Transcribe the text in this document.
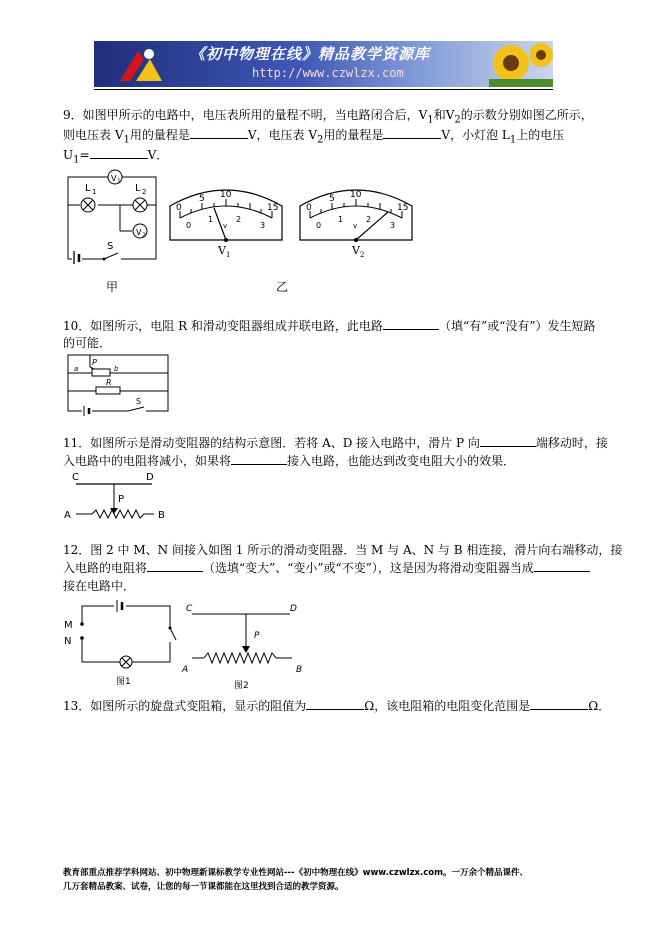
《初中物理在线》精品教学资源库
http://www.czwlzx.com
9．如图甲所示的电路中，电压表所用的量程不明，当电路闭合后，$V_1$和$V_2$的示数分别如图乙所示，
则电压表 $V_1$用的量程是	V，电压表 $V_2$用的量程是	V，小灯泡 $L_1$上的电压
$U_1=$	V．
L 1	L 2
V 1
V 2
S
甲
0
5 10
15
0
1	2
3
v
0
5 10
15
0
1	2
3
v
$V_1$	$V_2$
乙
10．如图所示，电阻 R 和滑动变阻器组成并联电路，此电路	（填“有”或“没有”）发生短路
的可能．
P
a	b
R
S
11．如图所示是滑动变阻器的结构示意图．若将 A、D 接入电路中，滑片 P 向	端移动时，接
入电路中的电阻将减小，如果将	接入电路，也能达到改变电阻大小的效果．
C	D
P
A	B
12．图 2 中 M、N 间接入如图 1 所示的滑动变阻器．当 M 与 A、N 与 B 相连接，滑片向右端移动，接
入电路的电阻将	（选填“变大”、“变小”或“不变”），这是因为将滑动变阻器当成
接在电路中．
M
N
C	D
P
A	B
图1	图2
13．如图所示的旋盘式变阻箱，显示的阻值为	Ω，该电阻箱的电阻变化范围是	Ω．
教育部重点推荐学科网站、初中物理新课标教学专业性网站---《初中物理在线》www.czwlzx.com。一万余个精品课件、
几万套精品教案、试卷，让您的每一节课都能在这里找到合适的教学资源。
